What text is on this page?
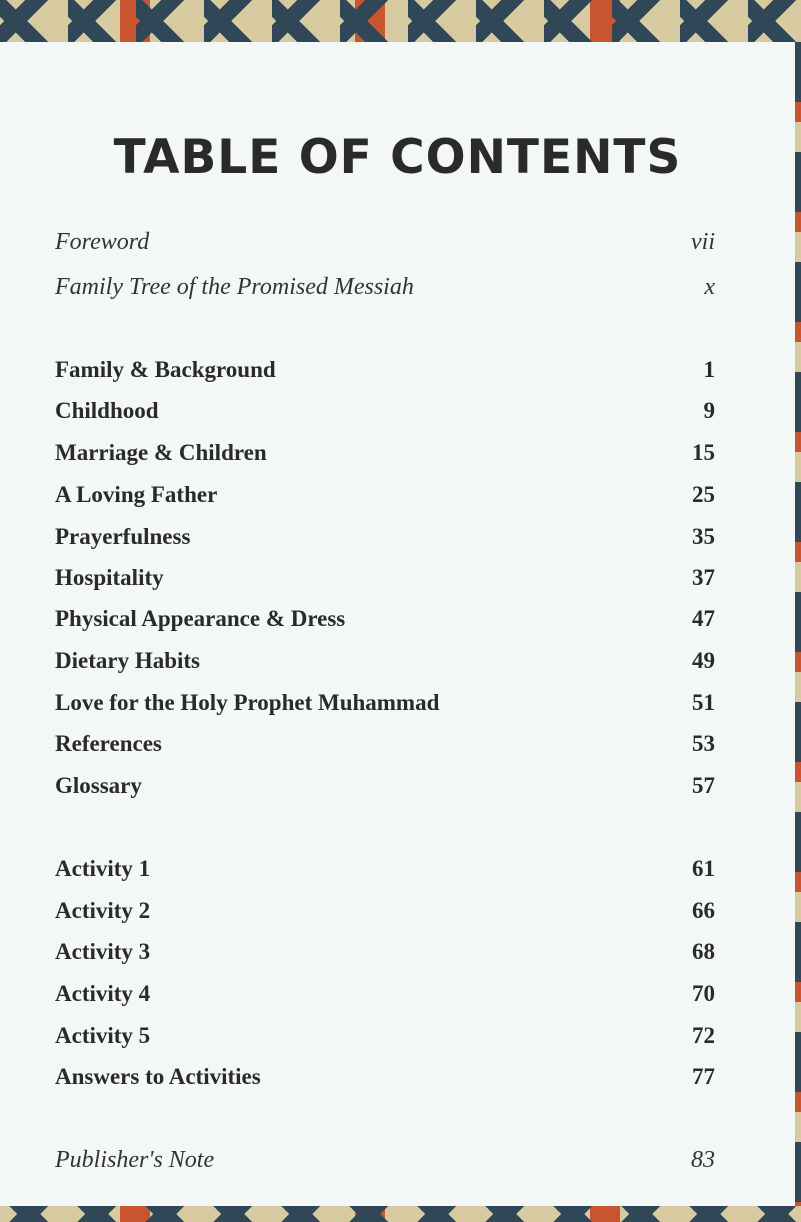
TABLE OF CONTENTS
Foreword	vii
Family Tree of the Promised Messiah	x
Family & Background	1
Childhood	9
Marriage & Children	15
A Loving Father	25
Prayerfulness	35
Hospitality	37
Physical Appearance & Dress	47
Dietary Habits	49
Love for the Holy Prophet Muhammad	51
References	53
Glossary	57
Activity 1	61
Activity 2	66
Activity 3	68
Activity 4	70
Activity 5	72
Answers to Activities	77
Publisher's Note	83
